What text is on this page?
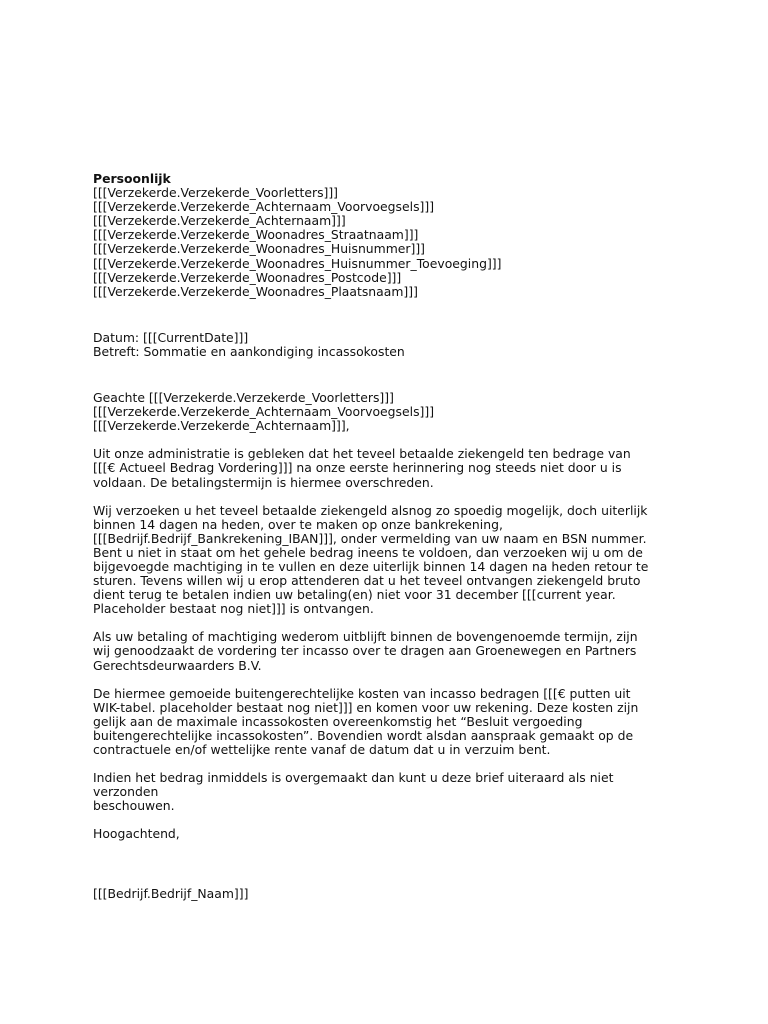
Persoonlijk
[[[Verzekerde.Verzekerde_Voorletters]]]
[[[Verzekerde.Verzekerde_Achternaam_Voorvoegsels]]]
[[[Verzekerde.Verzekerde_Achternaam]]]
[[[Verzekerde.Verzekerde_Woonadres_Straatnaam]]]
[[[Verzekerde.Verzekerde_Woonadres_Huisnummer]]]
[[[Verzekerde.Verzekerde_Woonadres_Huisnummer_Toevoeging]]]
[[[Verzekerde.Verzekerde_Woonadres_Postcode]]]
[[[Verzekerde.Verzekerde_Woonadres_Plaatsnaam]]]
Datum: [[[CurrentDate]]]
Betreft: Sommatie en aankondiging incassokosten
Geachte [[[Verzekerde.Verzekerde_Voorletters]]]
[[[Verzekerde.Verzekerde_Achternaam_Voorvoegsels]]]
[[[Verzekerde.Verzekerde_Achternaam]]],
Uit onze administratie is gebleken dat het teveel betaalde ziekengeld ten bedrage van
[[[€ Actueel Bedrag Vordering]]] na onze eerste herinnering nog steeds niet door u is
voldaan. De betalingstermijn is hiermee overschreden.
Wij verzoeken u het teveel betaalde ziekengeld alsnog zo spoedig mogelijk, doch uiterlijk
binnen 14 dagen na heden, over te maken op onze bankrekening,
[[[Bedrijf.Bedrijf_Bankrekening_IBAN]]], onder vermelding van uw naam en BSN nummer.
Bent u niet in staat om het gehele bedrag ineens te voldoen, dan verzoeken wij u om de
bijgevoegde machtiging in te vullen en deze uiterlijk binnen 14 dagen na heden retour te
sturen. Tevens willen wij u erop attenderen dat u het teveel ontvangen ziekengeld bruto
dient terug te betalen indien uw betaling(en) niet voor 31 december [[[current year.
Placeholder bestaat nog niet]]] is ontvangen.
Als uw betaling of machtiging wederom uitblijft binnen de bovengenoemde termijn, zijn
wij genoodzaakt de vordering ter incasso over te dragen aan Groenewegen en Partners
Gerechtsdeurwaarders B.V.
De hiermee gemoeide buitengerechtelijke kosten van incasso bedragen [[[€ putten uit
WIK-tabel. placeholder bestaat nog niet]]] en komen voor uw rekening. Deze kosten zijn
gelijk aan de maximale incassokosten overeenkomstig het “Besluit vergoeding
buitengerechtelijke incassokosten”. Bovendien wordt alsdan aanspraak gemaakt op de
contractuele en/of wettelijke rente vanaf de datum dat u in verzuim bent.
Indien het bedrag inmiddels is overgemaakt dan kunt u deze brief uiteraard als niet
verzonden
beschouwen.
Hoogachtend,
[[[Bedrijf.Bedrijf_Naam]]]
